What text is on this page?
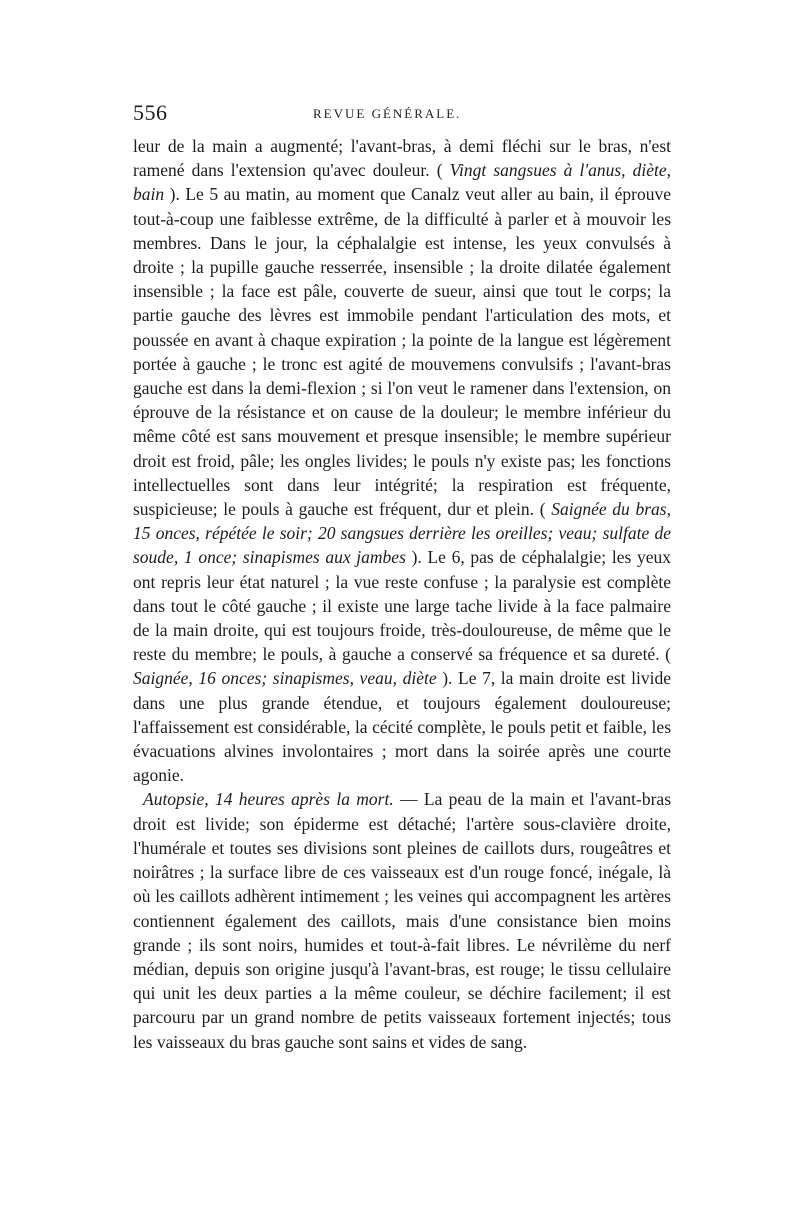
556	REVUE GÉNÉRALE.

leur de la main a augmenté; l'avant-bras, à demi fléchi sur le bras, n'est ramené dans l'extension qu'avec douleur. ( Vingt sangsues à l'anus, diète, bain ). Le 5 au matin, au moment que Canalz veut aller au bain, il éprouve tout-à-coup une faiblesse extrême, de la difficulté à parler et à mouvoir les membres. Dans le jour, la céphalalgie est intense, les yeux convulsés à droite ; la pupille gauche resserrée, insensible ; la droite dilatée également insensible ; la face est pâle, couverte de sueur, ainsi que tout le corps; la partie gauche des lèvres est immobile pendant l'articulation des mots, et poussée en avant à chaque expiration ; la pointe de la langue est légèrement portée à gauche ; le tronc est agité de mouvemens convulsifs ; l'avant-bras gauche est dans la demi-flexion ; si l'on veut le ramener dans l'extension, on éprouve de la résistance et on cause de la douleur; le membre inférieur du même côté est sans mouvement et presque insensible; le membre supérieur droit est froid, pâle; les ongles livides; le pouls n'y existe pas; les fonctions intellectuelles sont dans leur intégrité; la respiration est fréquente, suspicieuse; le pouls à gauche est fréquent, dur et plein. ( Saignée du bras, 15 onces, répétée le soir; 20 sangsues derrière les oreilles; veau; sulfate de soude, 1 once; sinapismes aux jambes ). Le 6, pas de céphalalgie; les yeux ont repris leur état naturel ; la vue reste confuse ; la paralysie est complète dans tout le côté gauche ; il existe une large tache livide à la face palmaire de la main droite, qui est toujours froide, très-douloureuse, de même que le reste du membre; le pouls, à gauche a conservé sa fréquence et sa dureté. ( Saignée, 16 onces; sinapismes, veau, diète ). Le 7, la main droite est livide dans une plus grande étendue, et toujours également douloureuse; l'affaissement est considérable, la cécité complète, le pouls petit et faible, les évacuations alvines involontaires ; mort dans la soirée après une courte agonie.

Autopsie, 14 heures après la mort. — La peau de la main et l'avant-bras droit est livide; son épiderme est détaché; l'artère sous-clavière droite, l'humérale et toutes ses divisions sont pleines de caillots durs, rougeâtres et noirâtres ; la surface libre de ces vaisseaux est d'un rouge foncé, inégale, là où les caillots adhèrent intimement ; les veines qui accompagnent les artères contiennent également des caillots, mais d'une consistance bien moins grande ; ils sont noirs, humides et tout-à-fait libres. Le névrilème du nerf médian, depuis son origine jusqu'à l'avant-bras, est rouge; le tissu cellulaire qui unit les deux parties a la même couleur, se déchire facilement; il est parcouru par un grand nombre de petits vaisseaux fortement injectés; tous les vaisseaux du bras gauche sont sains et vides de sang.
